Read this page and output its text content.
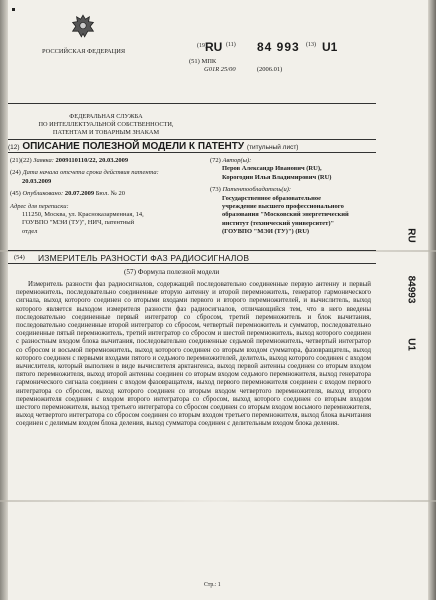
РОССИЙСКАЯ ФЕДЕРАЦИЯ
(19)
RU (11) 84 993 (13) U1
(51) МПК
G01R 25/00	(2006.01)
ФЕДЕРАЛЬНАЯ СЛУЖБА
ПО ИНТЕЛЛЕКТУАЛЬНОЙ СОБСТВЕННОСТИ,
ПАТЕНТАМ И ТОВАРНЫМ ЗНАКАМ
(12) ОПИСАНИЕ ПОЛЕЗНОЙ МОДЕЛИ К ПАТЕНТУ (титульный лист)
(21)(22) Заявка: 2009110110/22, 20.03.2009
(24) Дата начала отсчета срока действия патента:
20.03.2009
(45) Опубликовано: 20.07.2009 Бюл. № 20
Адрес для переписки:
111250, Москва, ул. Красноказарменная, 14,
ГОУВПО "МЭИ (ТУ)", НИЧ, патентный
отдел
(72) Автор(ы):
Перов Александр Иванович (RU),
Корогодин Илья Владимирович (RU)
(73) Патентообладатель(и):
Государственное образовательное
учреждение высшего профессионального
образования "Московский энергетический
институт (технический университет)"
(ГОУВПО "МЭИ (ТУ)") (RU)
(54) ИЗМЕРИТЕЛЬ РАЗНОСТИ ФАЗ РАДИОСИГНАЛОВ
(57) Формула полезной модели

Измеритель разности фаз радиосигналов, содержащий последовательно соединенные первую антенну и первый перемножитель, последовательно соединенные вторую антенну и второй перемножитель, генератор гармонического сигнала, выход которого соединен со вторыми входами первого и второго перемножителей, и вычислитель, выход которого является выходом измерителя разности фаз радиосигналов, отличающийся тем, что в него введены последовательно соединенные первый интегратор со сбросом, третий перемножитель и блок вычитания, последовательно соединенные второй интегратор со сбросом, четвертый перемножитель и сумматор, последовательно соединенные пятый перемножитель, третий интегратор со сбросом и шестой перемножитель, выход которого соединен с разностным входом блока вычитания, последовательно соединенные седьмой перемножитель, четвертый интегратор со сбросом и восьмой перемножитель, выход которого соединен со вторым входом сумматора, фазовращатель, выход которого соединен с первыми входами пятого и седьмого перемножителей, делитель, выход которого соединен с входом вычислителя, который выполнен в виде вычислителя арктангенса, выход первой антенны соединен со вторым входом пятого перемножителя, выход второй антенны соединен со вторым входом седьмого перемножителя, выход генератора гармонического сигнала соединен с входом фазовращателя, выход первого перемножителя соединен с входом первого интегратора со сбросом, выход которого соединен со вторым входом четвертого перемножителя, выход второго перемножителя соединен с входом второго интегратора со сбросом, выход которого соединен со вторым входом шестого перемножителя, выход третьего интегратора со сбросом соединен со вторым входом восьмого перемножителя, выход четвертого интегратора со сбросом соединен со вторым входом третьего перемножителя, выход блока вычитания соединен с делимым входом блока деления, выход сумматора соединен с делительным входом блока деления.

Стр.: 1
RU
84993
U1
